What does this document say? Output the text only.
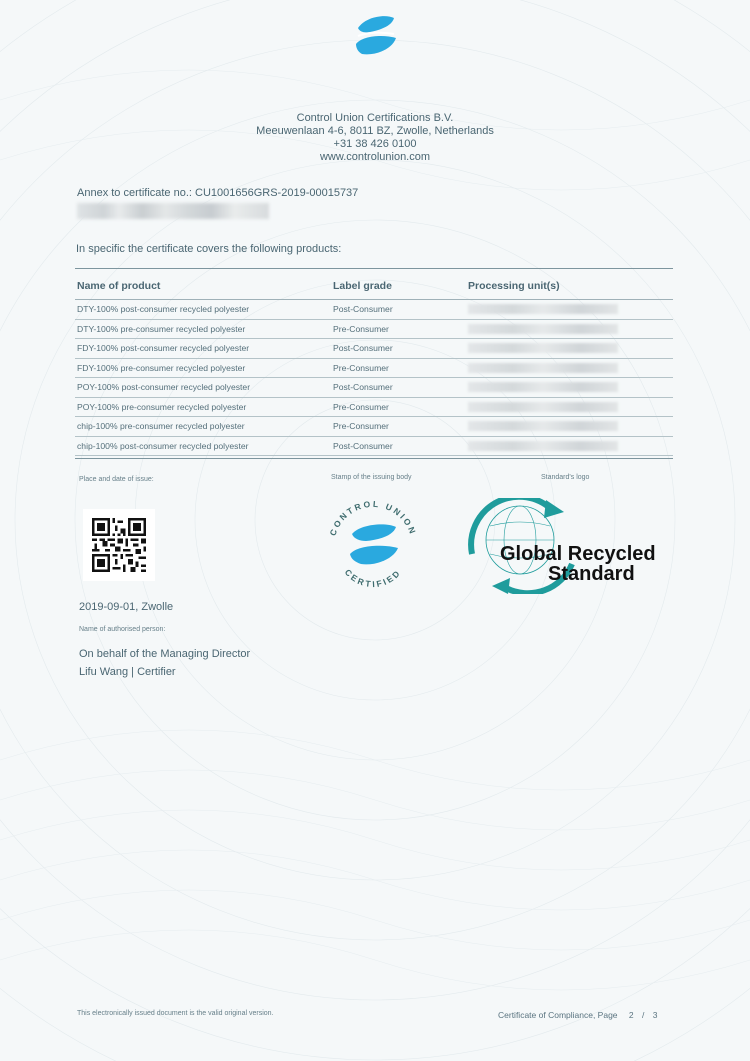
Control Union Certifications B.V.
Meeuwenlaan 4-6, 8011 BZ, Zwolle, Netherlands
+31 38 426 0100
www.controlunion.com
Annex to certificate no.: CU1001656GRS-2019-00015737
In specific the certificate covers the following products:
Name of product	Label grade	Processing unit(s)
DTY-100% post-consumer recycled polyester	Post-Consumer
DTY-100% pre-consumer recycled polyester	Pre-Consumer
FDY-100% post-consumer recycled polyester	Post-Consumer
FDY-100% pre-consumer recycled polyester	Pre-Consumer
POY-100% post-consumer recycled polyester	Post-Consumer
POY-100% pre-consumer recycled polyester	Pre-Consumer
chip-100% pre-consumer recycled polyester	Pre-Consumer
chip-100% post-consumer recycled polyester	Post-Consumer
Place and date of issue:	Stamp of the issuing body	Standard's logo
2019-09-01, Zwolle
Name of authorised person:
On behalf of the Managing Director
Lifu Wang | Certifier
CONTROL UNION
CERTIFIED
Global Recycled
Standard
This electronically issued document is the valid original version.	Certificate of Compliance, Page 2 / 3
